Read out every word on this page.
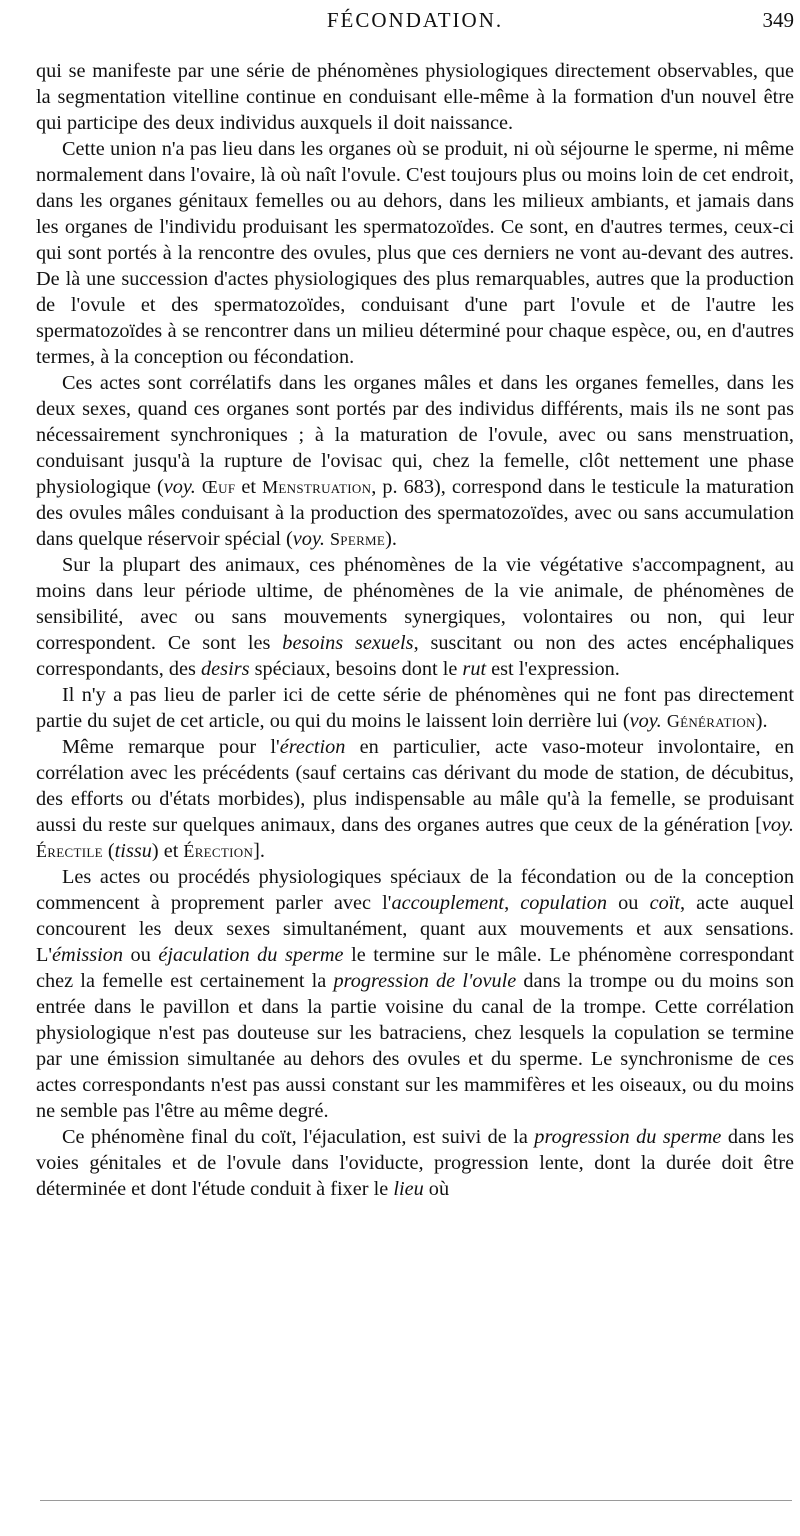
FÉCONDATION.	349

qui se manifeste par une série de phénomènes physiologiques directement observables, que la segmentation vitelline continue en conduisant elle-même à la formation d'un nouvel être qui participe des deux individus auxquels il doit naissance.

Cette union n'a pas lieu dans les organes où se produit, ni où séjourne le sperme, ni même normalement dans l'ovaire, là où naît l'ovule. C'est toujours plus ou moins loin de cet endroit, dans les organes génitaux femelles ou au dehors, dans les milieux ambiants, et jamais dans les organes de l'individu produisant les spermatozoïdes. Ce sont, en d'autres termes, ceux-ci qui sont portés à la rencontre des ovules, plus que ces derniers ne vont au-devant des autres. De là une succession d'actes physiologiques des plus remarquables, autres que la production de l'ovule et des spermatozoïdes, conduisant d'une part l'ovule et de l'autre les spermatozoïdes à se rencontrer dans un milieu déterminé pour chaque espèce, ou, en d'autres termes, à la conception ou fécondation.

Ces actes sont corrélatifs dans les organes mâles et dans les organes femelles, dans les deux sexes, quand ces organes sont portés par des individus différents, mais ils ne sont pas nécessairement synchroniques ; à la maturation de l'ovule, avec ou sans menstruation, conduisant jusqu'à la rupture de l'ovisac qui, chez la femelle, clôt nettement une phase physiologique (voy. Œuf et Menstruation, p. 683), correspond dans le testicule la maturation des ovules mâles conduisant à la production des spermatozoïdes, avec ou sans accumulation dans quelque réservoir spécial (voy. Sperme).

Sur la plupart des animaux, ces phénomènes de la vie végétative s'accompagnent, au moins dans leur période ultime, de phénomènes de la vie animale, de phénomènes de sensibilité, avec ou sans mouvements synergiques, volontaires ou non, qui leur correspondent. Ce sont les besoins sexuels, suscitant ou non des actes encéphaliques correspondants, des desirs spéciaux, besoins dont le rut est l'expression.

Il n'y a pas lieu de parler ici de cette série de phénomènes qui ne font pas directement partie du sujet de cet article, ou qui du moins le laissent loin derrière lui (voy. Génération).

Même remarque pour l'érection en particulier, acte vaso-moteur involontaire, en corrélation avec les précédents (sauf certains cas dérivant du mode de station, de décubitus, des efforts ou d'états morbides), plus indispensable au mâle qu'à la femelle, se produisant aussi du reste sur quelques animaux, dans des organes autres que ceux de la génération [voy. Érectile (tissu) et Érection].

Les actes ou procédés physiologiques spéciaux de la fécondation ou de la conception commencent à proprement parler avec l'accouplement, copulation ou coït, acte auquel concourent les deux sexes simultanément, quant aux mouvements et aux sensations. L'émission ou éjaculation du sperme le termine sur le mâle. Le phénomène correspondant chez la femelle est certainement la progression de l'ovule dans la trompe ou du moins son entrée dans le pavillon et dans la partie voisine du canal de la trompe. Cette corrélation physiologique n'est pas douteuse sur les batraciens, chez lesquels la copulation se termine par une émission simultanée au dehors des ovules et du sperme. Le synchronisme de ces actes correspondants n'est pas aussi constant sur les mammifères et les oiseaux, ou du moins ne semble pas l'être au même degré.

Ce phénomène final du coït, l'éjaculation, est suivi de la progression du sperme dans les voies génitales et de l'ovule dans l'oviducte, progression lente, dont la durée doit être déterminée et dont l'étude conduit à fixer le lieu où
